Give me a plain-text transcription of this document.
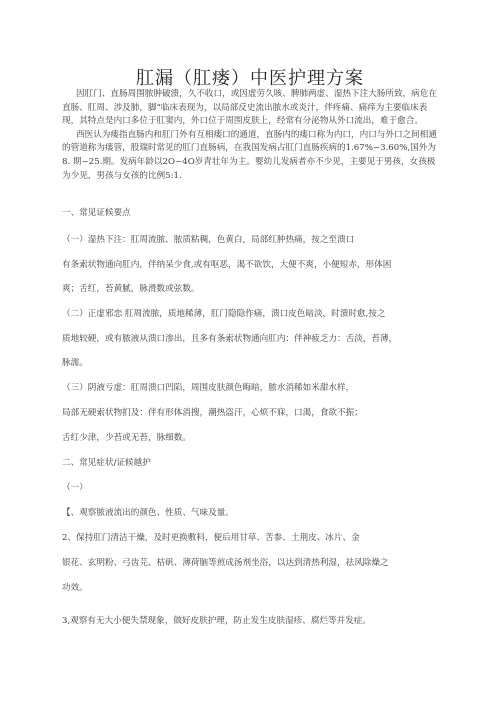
肛漏（肛瘘）中医护理方案

因肛门、直肠周围脓肿破溃，久不收口，或因虚劳久咳、脾肺两虚、湿热下注大肠所致，病危在直肠、肛周、涉及肺，脚“临床表现为，以局部反史流出脓水或炎汁，伴疼痛、痛痒为主要临床表现，其特点是内口多位于肛窦内，外口位于周围皮肤上，经常有分泌物从外口流出，难于愈合。

西医认为瘘指直肠内和肛门外有互相瘘口的通道，直肠内的瘘口称为内口，内口与外口之间相通的管道称为瘘管，股瑞时常见的肛门直肠病，在我国发病占肛门直肠疾病的1.67%~3.60%,国外为8. 期~25.期。发病年龄以2O~4O岁青壮年为主。婴幼儿发病者亦不少见，主要见于男孩，女孩极为少见，男孩与女孩的比例5:1.

一、常见证候要点
（一）湿热下注：肛周流脓、脓质粘稠，色黄白，局部红肿热痛，按之至溃口
有条索状物通向肛内，伴纳呆少食,或有呕恶，渴不欲饮，大便不爽，小便短赤，形体困
爽；舌红，苔黄腻，脉滑数或弦数。
（二）正虚邪恋 肛周流脓，质地稀薄，肛门隐隐作痛，溃口皮色暗淡，时溃时愈,按之
质地较硬，或有脓液从溃口渗出，且多有条索状物通向肛内：伴神疲乏力：舌淡，苔薄，
脉濡。
（三）阴液亏虚：肛周溃口凹陷，周围皮肤颜色晦暗，脓水消稀如米甜水样，
局部无硬索状物扪及：伴有形体消搜，潮热盗汗，心烦不寐，口渴，食欲不振；
舌红少津，少苔或无苔，脉细数。
二、常见症状/证候越护
（一）
【、观察脓液流出的颜色、性质、气味及量。
2、保持肛门清洁干燥，及时更换敷料，便后用甘草、苦参、土荆皮、冰片、金
银花、玄明粉、弓齿芫、枯矾、薄荷脑等煎成汤剂坐浴，以达到清热利湿，祛风除燥之
功效。
3,观察有无大小便失禁现象，做好皮肤护理，防止发生皮肤湿疹、腐烂等并发症。
